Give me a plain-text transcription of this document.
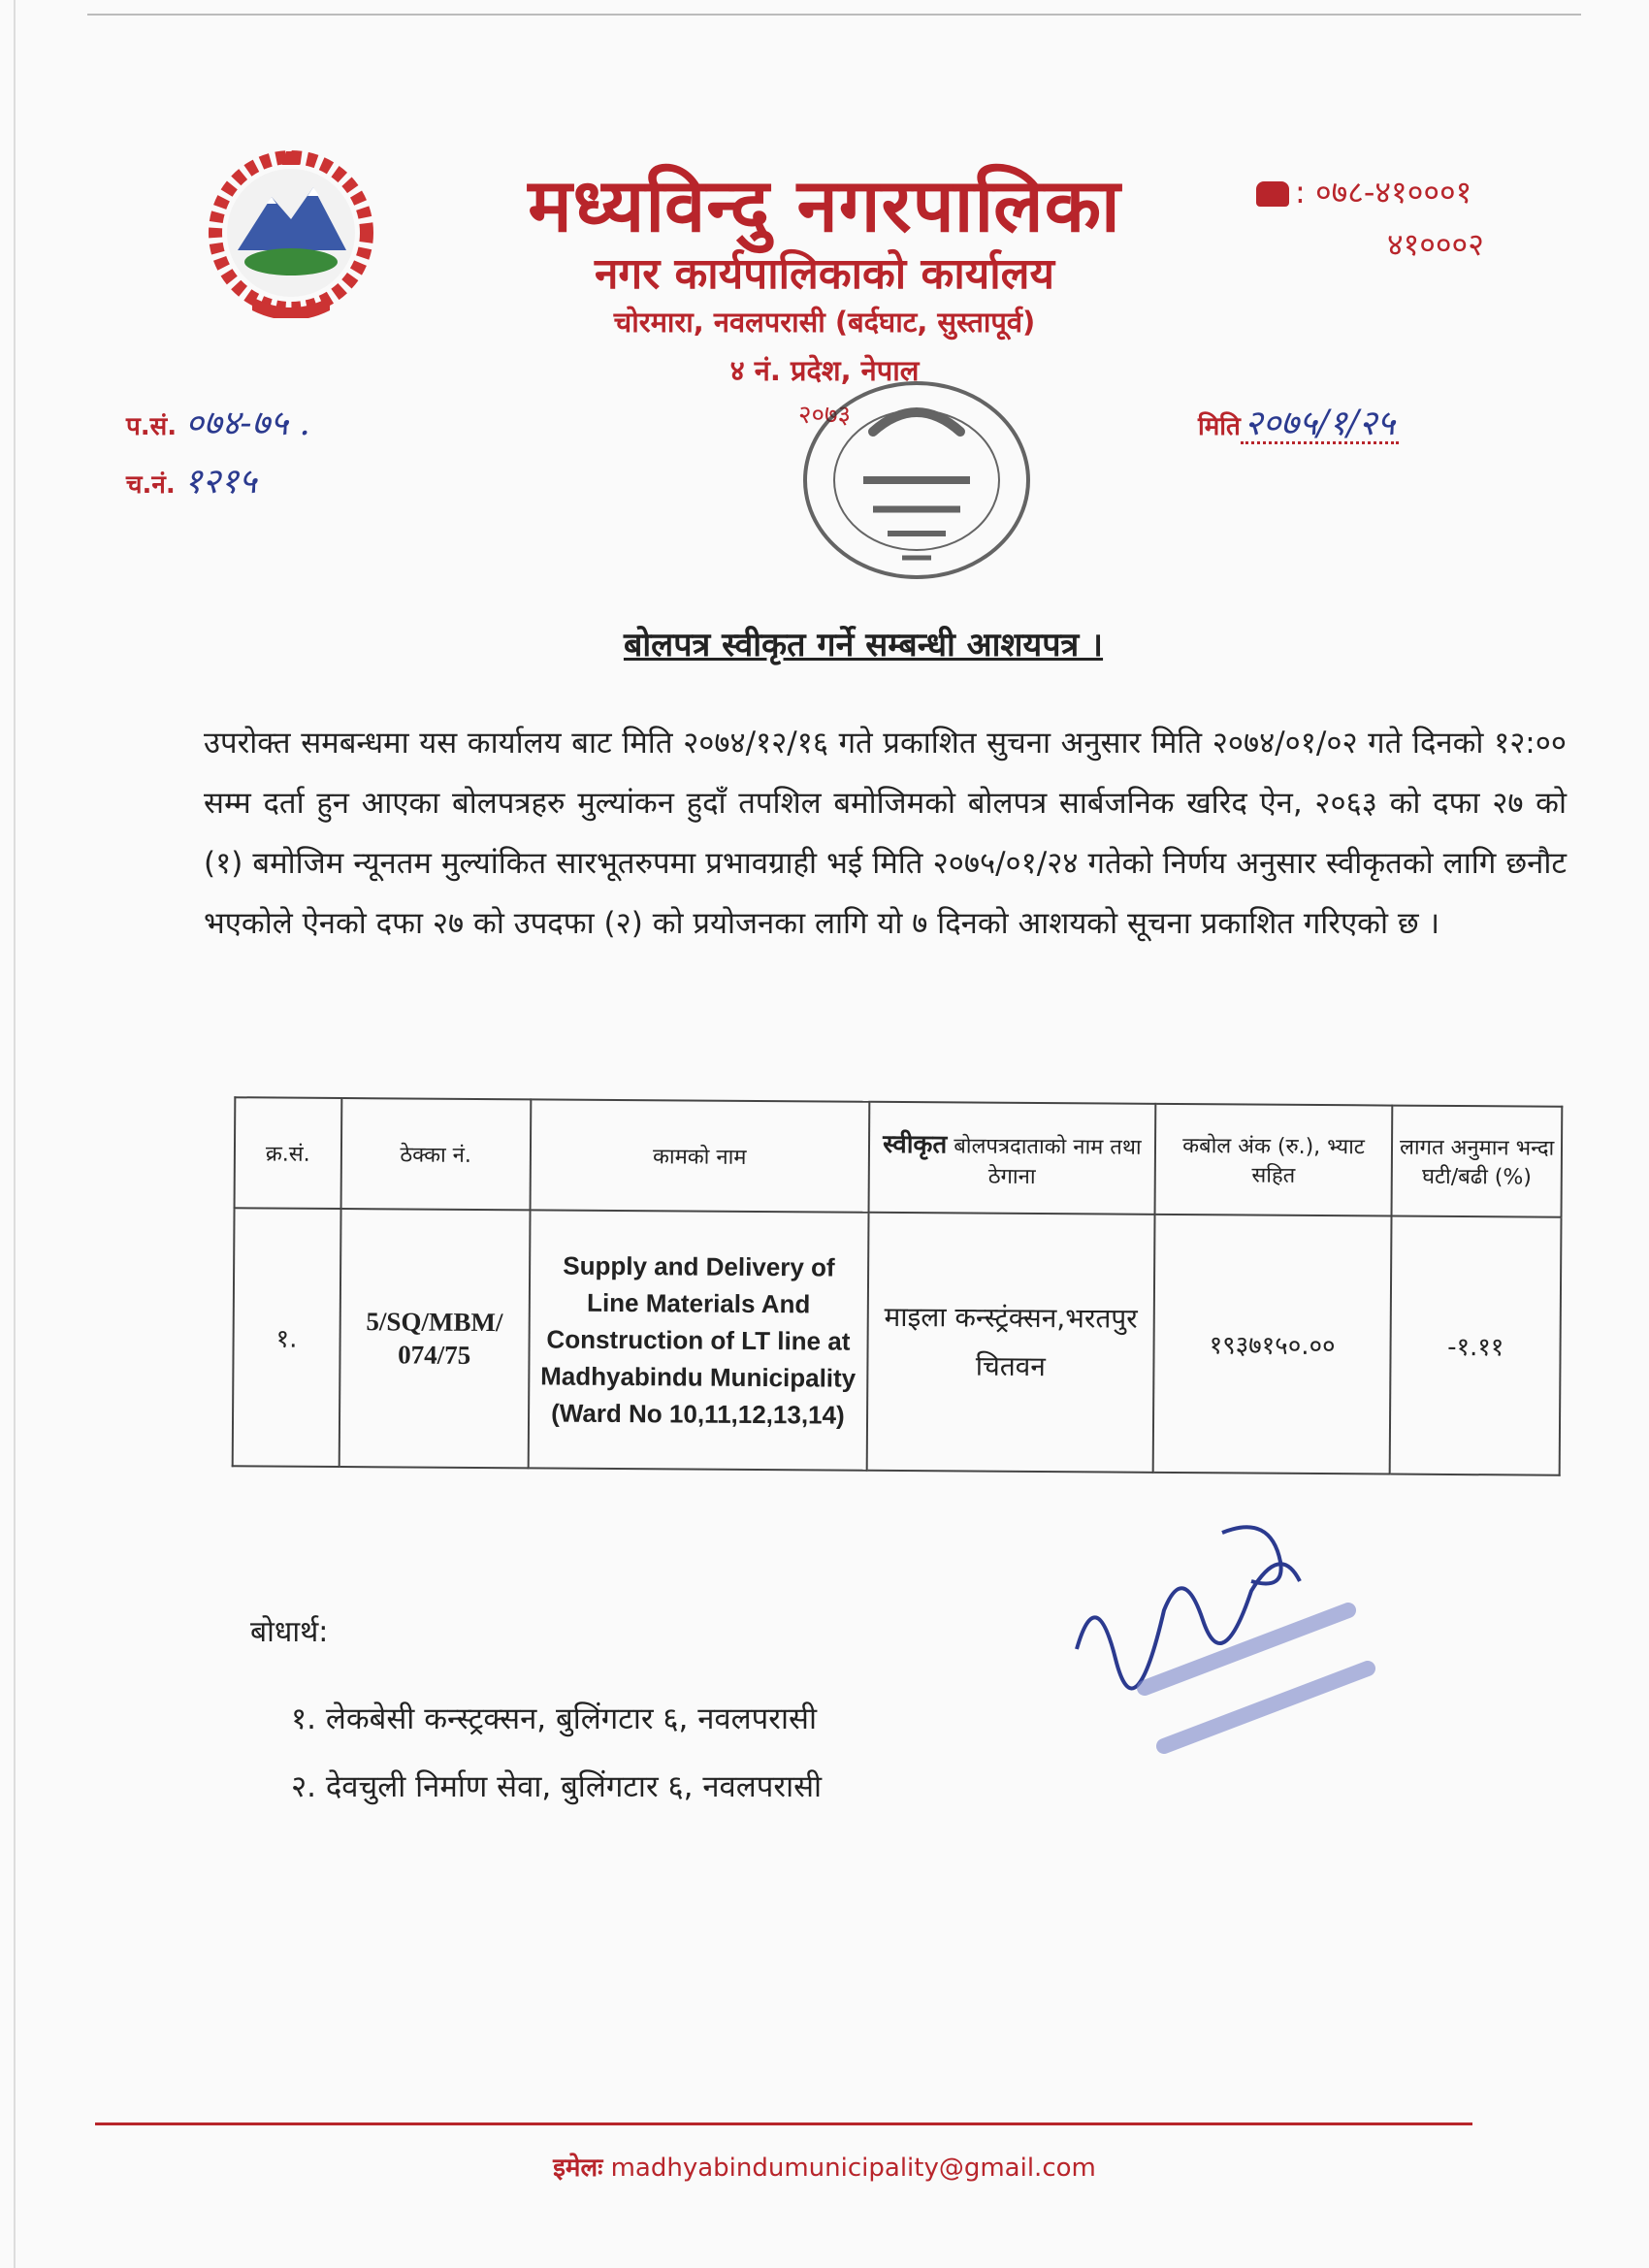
मध्यविन्दु नगरपालिका
नगर कार्यपालिकाको कार्यालय
चोरमारा, नवलपरासी (बर्दघाट, सुस्तापूर्व)
४ नं. प्रदेश, नेपाल
२०७३
: ०७८-४१०००१
४१०००२
प.सं. ०७४-७५ .
च.नं. १२१५
मिति २०७५/१/२५
बोलपत्र स्वीकृत गर्ने सम्बन्धी आशयपत्र ।
उपरोक्त समबन्धमा यस कार्यालय बाट मिति २०७४/१२/१६ गते प्रकाशित सुचना अनुसार मिति २०७४/०१/०२ गते दिनको १२:०० सम्म दर्ता हुन आएका बोलपत्रहरु मुल्यांकन हुदाँ तपशिल बमोजिमको बोलपत्र सार्बजनिक खरिद ऐन, २०६३ को दफा २७ को (१) बमोजिम न्यूनतम मुल्यांकित सारभूतरुपमा प्रभावग्राही भई मिति २०७५/०१/२४ गतेको निर्णय अनुसार स्वीकृतको लागि छनौट भएकोले ऐनको दफा २७ को उपदफा (२) को प्रयोजनका लागि यो ७ दिनको आशयको सूचना प्रकाशित गरिएको छ ।
क्र.सं.	ठेक्का नं.	कामको नाम	स्वीकृत बोलपत्रदाताको नाम तथा ठेगाना	कबोल अंक (रु.), भ्याट सहित	लागत अनुमान भन्दा घटी/बढी (%)
१.	5/SQ/MBM/ 074/75	Supply and Delivery of Line Materials And Construction of LT line at Madhyabindu Municipality (Ward No 10,11,12,13,14)	माइला कन्स्ट्रंक्सन,भरतपुर चितवन	१९३७१५०.००	-१.११
बोधार्थ:
१. लेकबेसी कन्स्ट्रक्सन, बुलिंगटार ६, नवलपरासी
२. देवचुली निर्माण सेवा, बुलिंगटार ६, नवलपरासी
इमेलः madhyabindumunicipality@gmail.com
